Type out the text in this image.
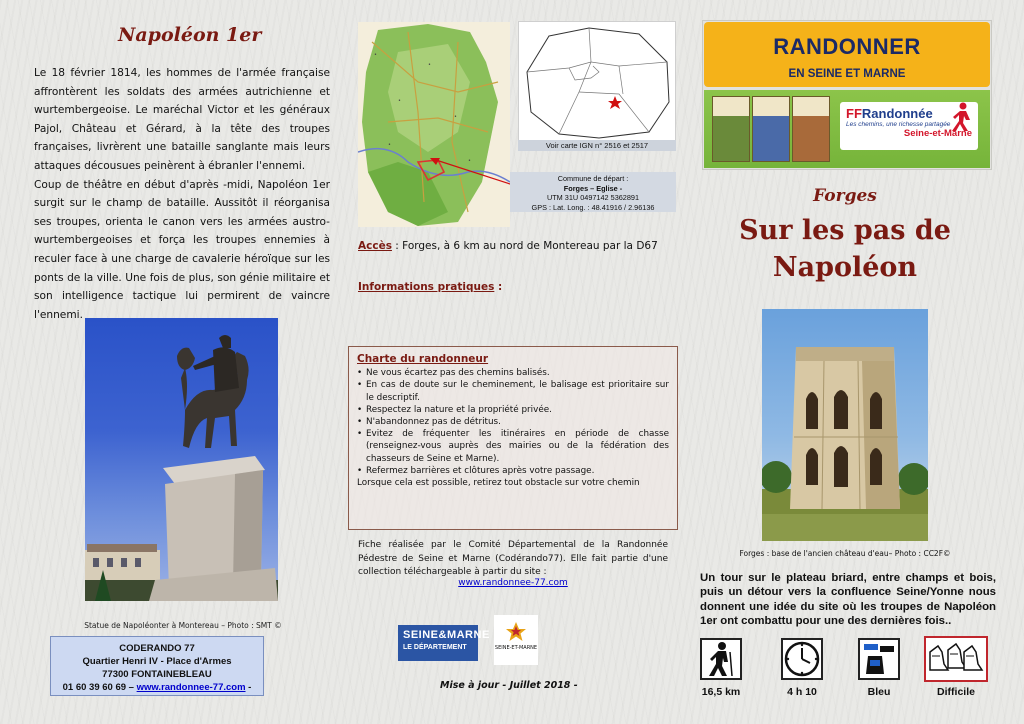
Napoléon 1er

Le 18 février 1814, les hommes de l'armée française affrontèrent les soldats des armées autrichienne et wurtembergeoise. Le maréchal Victor et les généraux Pajol, Château et Gérard, à la tête des troupes françaises, livrèrent une bataille sanglante mais leurs attaques décousues peinèrent à ébranler l'ennemi.

Coup de théâtre en début d'après -midi, Napoléon 1er surgit sur le champ de bataille. Aussitôt il réorganisa ses troupes, orienta le canon vers les armées austro-wurtembergeoises et força les troupes ennemies à reculer face à une charge de cavalerie héroïque sur les ponts de la ville. Une fois de plus, son génie militaire et son intelligence tactique lui permirent de vaincre l'ennemi.

Statue de Napoléonter à Montereau – Photo : SMT ©
CODERANDO 77
Quartier Henri IV - Place d'Armes
77300 FONTAINEBLEAU
01 60 39 60 69 – www.randonnee-77.com -
•
•
•
•
•
•
Voir carte IGN n° 2516 et 2517
Commune de départ :
Forges – Eglise -
UTM 31U 0497142 5362891
GPS : Lat. Long. : 48.41916 / 2.96136
Accès : Forges, à 6 km au nord de Montereau par la D67
Informations pratiques :
Charte du randonneur
• Ne vous écartez pas des chemins balisés.
• En cas de doute sur le cheminement, le balisage est prioritaire sur le descriptif.
• Respectez la nature et la propriété privée.
• N'abandonnez pas de détritus.
• Evitez de fréquenter les itinéraires en période de chasse (renseignez-vous auprès des mairies ou de la fédération des chasseurs de Seine et Marne).
• Refermez barrières et clôtures après votre passage.
Lorsque cela est possible, retirez tout obstacle sur votre chemin
Fiche réalisée par le Comité Départemental de la Randonnée Pédestre de Seine et Marne (Codérando77). Elle fait partie d'une collection téléchargeable à partir du site :
www.randonnee-77.com
SEINE&MARNE
LE DÉPARTEMENT	SEINE-ET-MARNE
Mise à jour - Juillet 2018 -
RANDONNER
EN SEINE ET MARNE
FFRandonnée
Les chemins, une richesse partagée
Seine-et-Marne
Forges
Sur les pas de
Napoléon
Forges : base de l'ancien château d'eau– Photo : CC2F©
Un tour sur le plateau briard, entre champs et bois, puis un détour vers la confluence Seine/Yonne nous donnent une idée du site où les troupes de Napoléon 1er ont combattu pour une des dernières fois..
16,5 km	4 h 10	Bleu	Difficile
